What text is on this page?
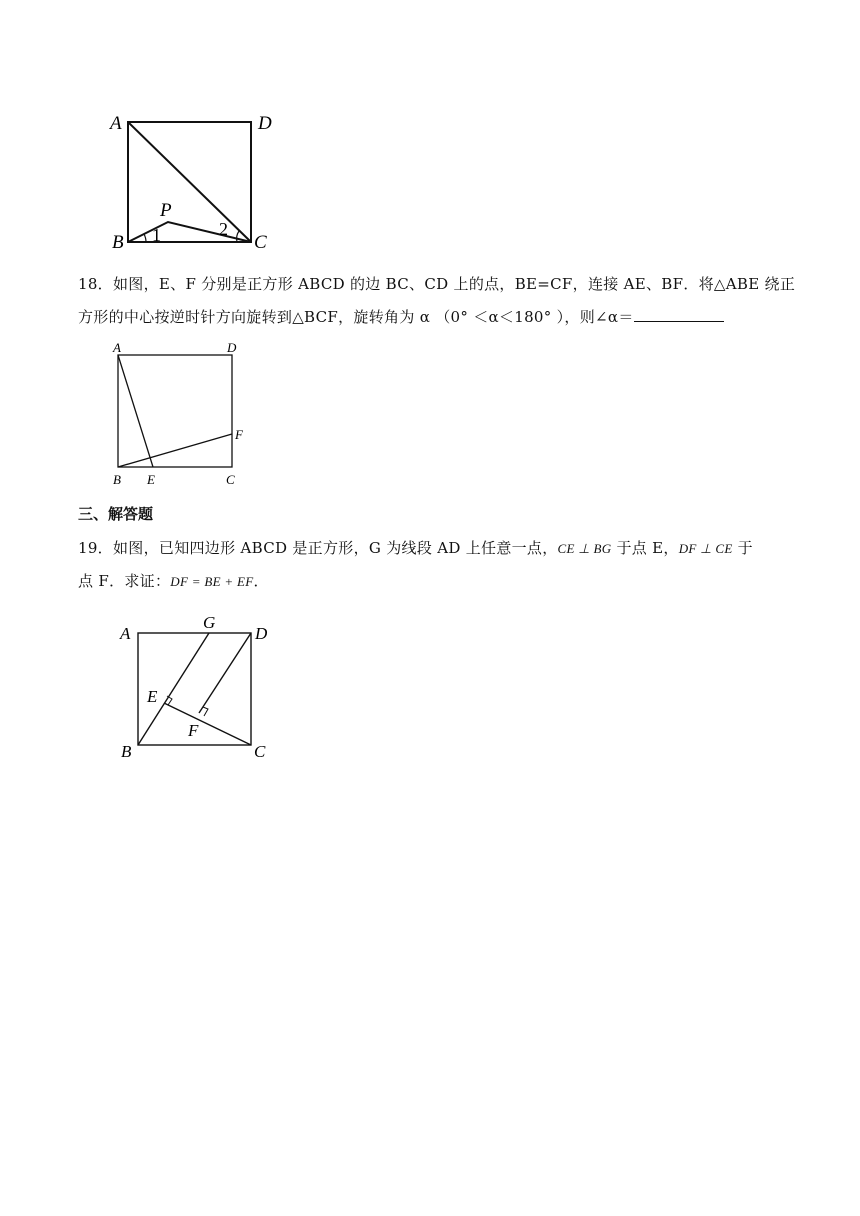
A	D
B	C
P
1	2
18．如图，E、F 分别是正方形 ABCD 的边 BC、CD 上的点，BE=CF，连接 AE、BF．将△ABE 绕正
方形的中心按逆时针方向旋转到△BCF，旋转角为 α （0° ＜α＜180° ），则∠α＝
A	D
B E	C
F
三、解答题
19．如图，已知四边形 ABCD 是正方形，G 为线段 AD 上任意一点，CE ⊥ BG 于点 E，DF ⊥ CE 于
点 F．求证：DF = BE + EF．
A
G
D
E
F
B	C
